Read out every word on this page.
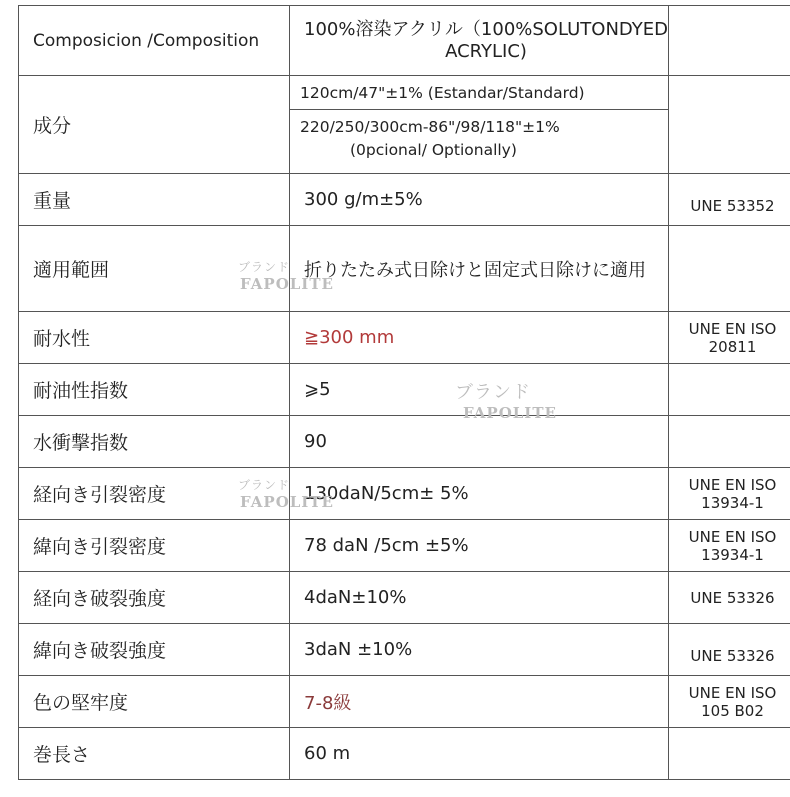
Composicion /Composition	100%溶染アクリル（100%SOLUTONDYED
ACRYLIC)	

成分	120cm/47"±1% (Estandar/Standard)
220/250/300cm-86"/98/118"±1%
(0pcional/ Optionally)	

重量	300 g/m±5%	UNE 53352
適用範囲	折りたたみ式日除けと固定式日除けに適用	
耐水性	≧300 mm	UNE EN ISO
20811

耐油性指数	⩾5	
水衝撃指数	90	
経向き引裂密度	130daN/5cm± 5%	UNE EN ISO
13934-1

緯向き引裂密度	78 daN /5cm ±5%	UNE EN ISO
13934-1

経向き破裂強度	4daN±10%	UNE 53326
緯向き破裂強度	3daN ±10%	UNE 53326
色の堅牢度	7-8級	UNE EN ISO
105 B02

巻長さ	60 m	
ブランド
FAPOLITE
ブランド
FAPOLITE
ブランド
FAPOLITE
